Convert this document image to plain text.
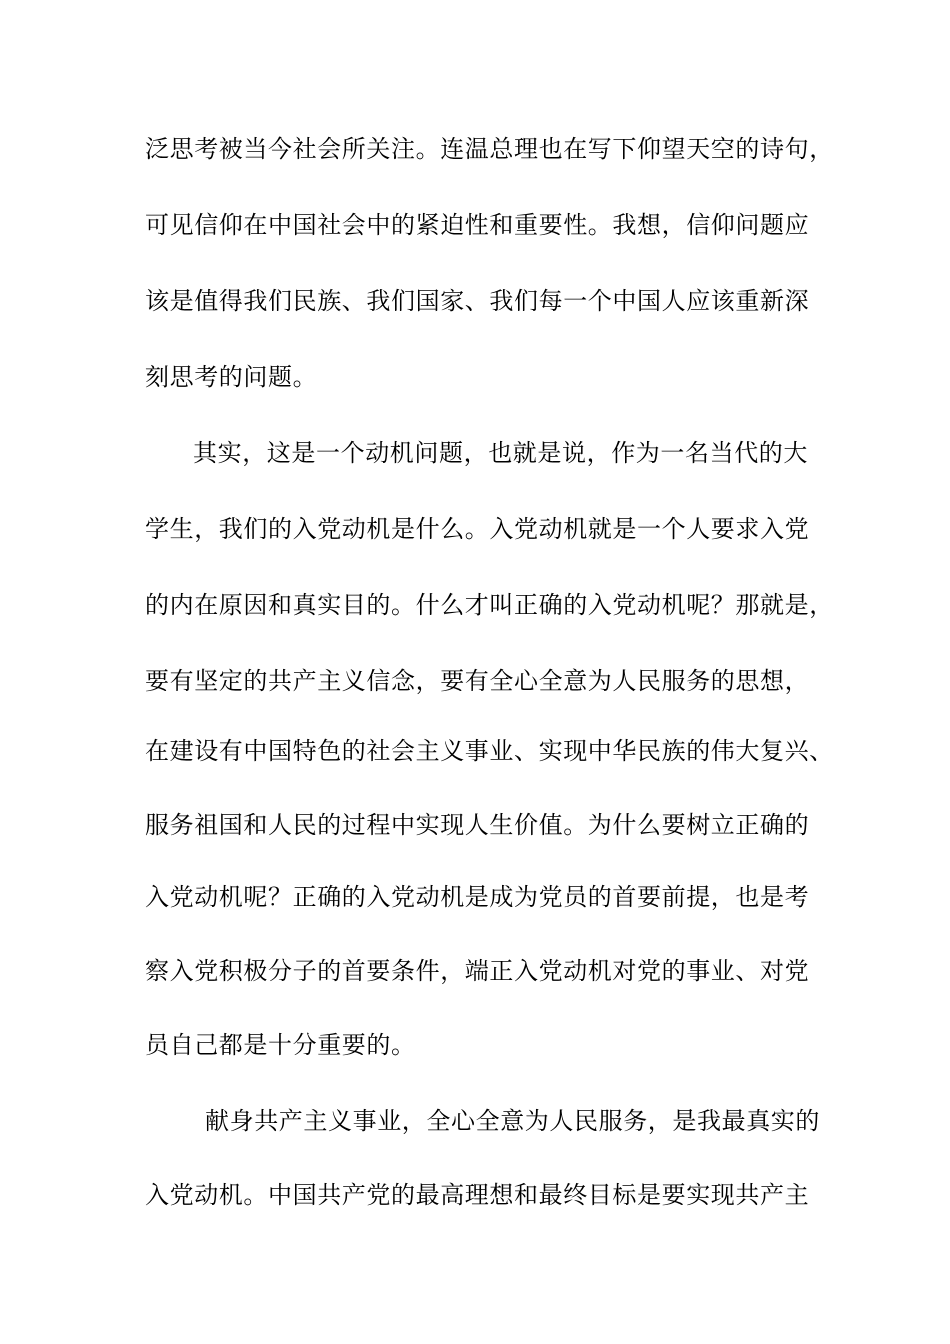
泛思考被当今社会所关注。连温总理也在写下仰望天空的诗句，
可见信仰在中国社会中的紧迫性和重要性。我想，信仰问题应
该是值得我们民族、我们国家、我们每一个中国人应该重新深
刻思考的问题。
其实，这是一个动机问题，也就是说，作为一名当代的大
学生，我们的入党动机是什么。入党动机就是一个人要求入党
的内在原因和真实目的。什么才叫正确的入党动机呢？那就是，
要有坚定的共产主义信念，要有全心全意为人民服务的思想，
在建设有中国特色的社会主义事业、实现中华民族的伟大复兴、
服务祖国和人民的过程中实现人生价值。为什么要树立正确的
入党动机呢？正确的入党动机是成为党员的首要前提，也是考
察入党积极分子的首要条件，端正入党动机对党的事业、对党
员自己都是十分重要的。
献身共产主义事业，全心全意为人民服务，是我最真实的
入党动机。中国共产党的最高理想和最终目标是要实现共产主
